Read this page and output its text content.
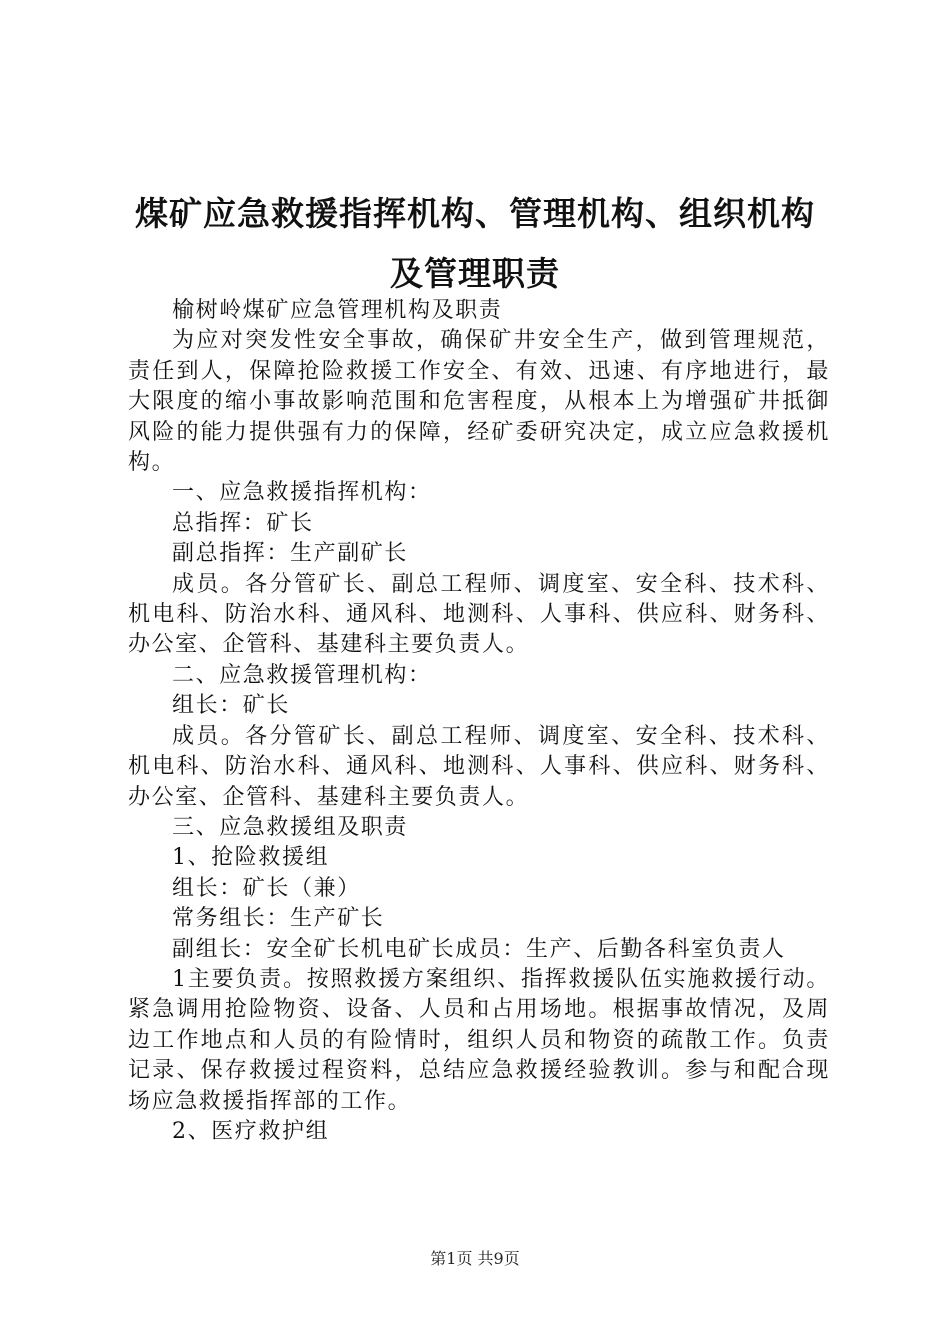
煤矿应急救援指挥机构、管理机构、组织机构
及管理职责

榆树岭煤矿应急管理机构及职责

为应对突发性安全事故，确保矿井安全生产，做到管理规范，责任到人，保障抢险救援工作安全、有效、迅速、有序地进行，最大限度的缩小事故影响范围和危害程度，从根本上为增强矿井抵御风险的能力提供强有力的保障，经矿委研究决定，成立应急救援机构。

一、应急救援指挥机构：

总指挥：矿长

副总指挥：生产副矿长

成员。各分管矿长、副总工程师、调度室、安全科、技术科、机电科、防治水科、通风科、地测科、人事科、供应科、财务科、办公室、企管科、基建科主要负责人。

二、应急救援管理机构：

组长：矿长

成员。各分管矿长、副总工程师、调度室、安全科、技术科、机电科、防治水科、通风科、地测科、人事科、供应科、财务科、办公室、企管科、基建科主要负责人。

三、应急救援组及职责

1、抢险救援组

组长：矿长（兼）

常务组长：生产矿长

副组长：安全矿长机电矿长成员：生产、后勤各科室负责人

1主要负责。按照救援方案组织、指挥救援队伍实施救援行动。紧急调用抢险物资、设备、人员和占用场地。根据事故情况，及周边工作地点和人员的有险情时，组织人员和物资的疏散工作。负责记录、保存救援过程资料，总结应急救援经验教训。参与和配合现场应急救援指挥部的工作。

2、医疗救护组

第1页 共9页
